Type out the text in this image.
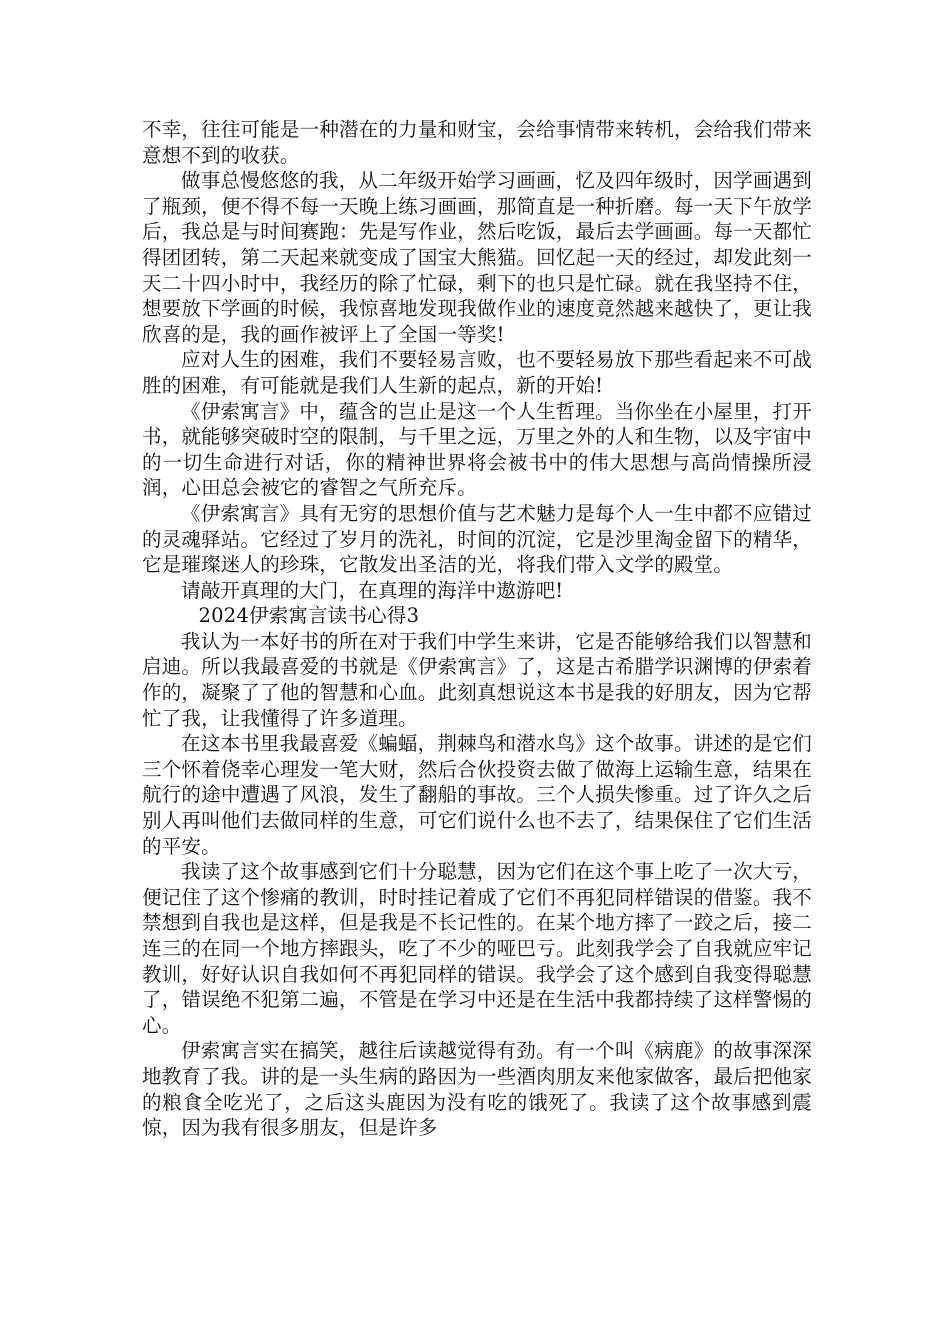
不幸，往往可能是一种潜在的力量和财宝，会给事情带来转机，会给我们带来意想不到的收获。

做事总慢悠悠的我，从二年级开始学习画画，忆及四年级时，因学画遇到了瓶颈，便不得不每一天晚上练习画画，那简直是一种折磨。每一天下午放学后，我总是与时间赛跑：先是写作业，然后吃饭，最后去学画画。每一天都忙得团团转，第二天起来就变成了国宝大熊猫。回忆起一天的经过，却发此刻一天二十四小时中，我经历的除了忙碌，剩下的也只是忙碌。就在我坚持不住，想要放下学画的时候，我惊喜地发现我做作业的速度竟然越来越快了，更让我欣喜的是，我的画作被评上了全国一等奖!

应对人生的困难，我们不要轻易言败，也不要轻易放下那些看起来不可战胜的困难，有可能就是我们人生新的起点，新的开始!

《伊索寓言》中，蕴含的岂止是这一个人生哲理。当你坐在小屋里，打开书，就能够突破时空的限制，与千里之远，万里之外的人和生物，以及宇宙中的一切生命进行对话，你的精神世界将会被书中的伟大思想与高尚情操所浸润，心田总会被它的睿智之气所充斥。

《伊索寓言》具有无穷的思想价值与艺术魅力是每个人一生中都不应错过的灵魂驿站。它经过了岁月的洗礼，时间的沉淀，它是沙里淘金留下的精华，它是璀璨迷人的珍珠，它散发出圣洁的光，将我们带入文学的殿堂。

请敲开真理的大门，在真理的海洋中遨游吧!

2024伊索寓言读书心得3

我认为一本好书的所在对于我们中学生来讲，它是否能够给我们以智慧和启迪。所以我最喜爱的书就是《伊索寓言》了，这是古希腊学识渊博的伊索着作的，凝聚了了他的智慧和心血。此刻真想说这本书是我的好朋友，因为它帮忙了我，让我懂得了许多道理。

在这本书里我最喜爱《蝙蝠，荆棘鸟和潜水鸟》这个故事。讲述的是它们三个怀着侥幸心理发一笔大财，然后合伙投资去做了做海上运输生意，结果在航行的途中遭遇了风浪，发生了翻船的事故。三个人损失惨重。过了许久之后别人再叫他们去做同样的生意，可它们说什么也不去了，结果保住了它们生活的平安。

我读了这个故事感到它们十分聪慧，因为它们在这个事上吃了一次大亏，便记住了这个惨痛的教训，时时挂记着成了它们不再犯同样错误的借鉴。我不禁想到自我也是这样，但是我是不长记性的。在某个地方摔了一跤之后，接二连三的在同一个地方摔跟头，吃了不少的哑巴亏。此刻我学会了自我就应牢记教训，好好认识自我如何不再犯同样的错误。我学会了这个感到自我变得聪慧了，错误绝不犯第二遍，不管是在学习中还是在生活中我都持续了这样警惕的心。

伊索寓言实在搞笑，越往后读越觉得有劲。有一个叫《病鹿》的故事深深地教育了我。讲的是一头生病的路因为一些酒肉朋友来他家做客，最后把他家的粮食全吃光了，之后这头鹿因为没有吃的饿死了。我读了这个故事感到震惊，因为我有很多朋友，但是许多
